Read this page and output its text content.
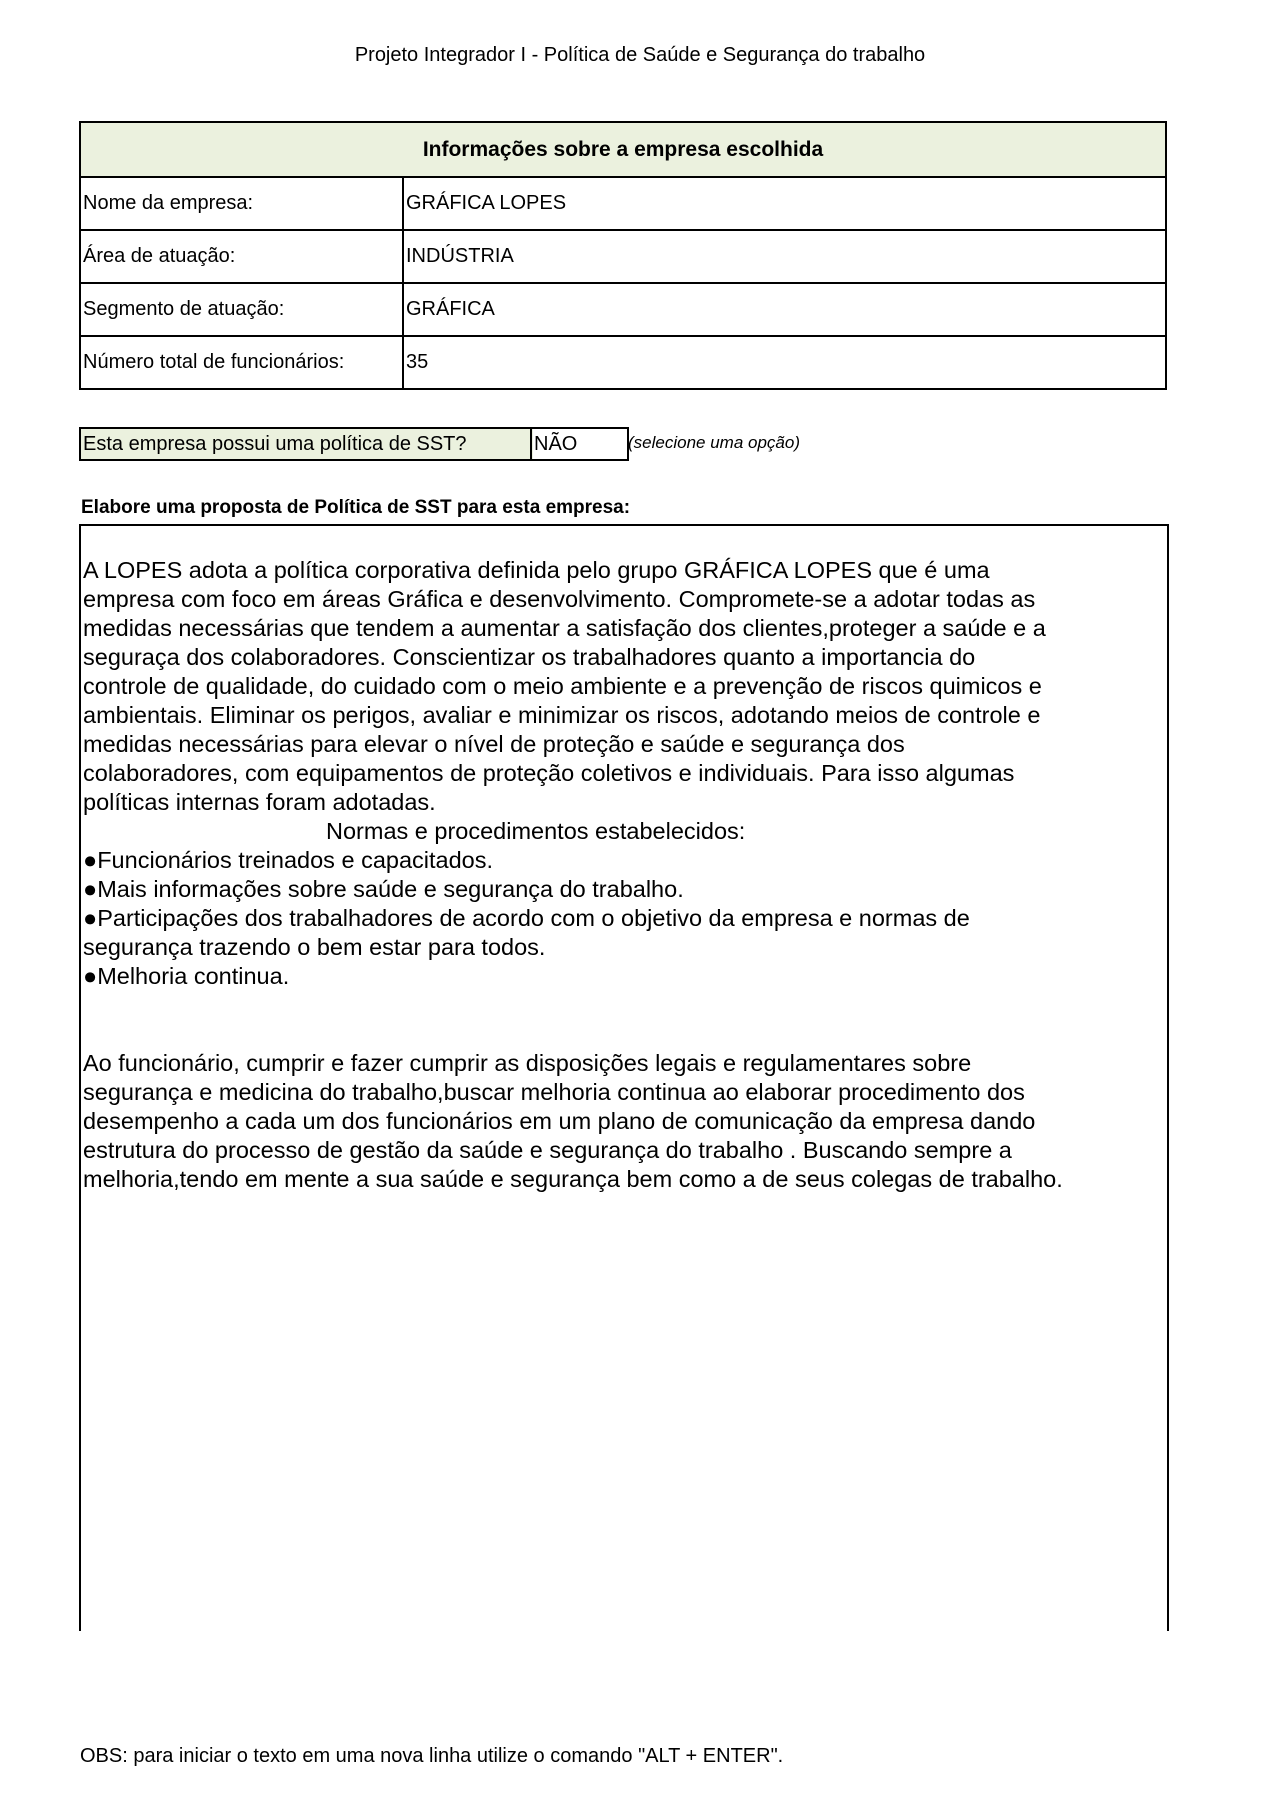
Projeto Integrador I - Política de Saúde e Segurança do trabalho
Informações sobre a empresa escolhida	
Nome da empresa:	GRÁFICA LOPES
Área de atuação:	INDÚSTRIA
Segmento de atuação:	GRÁFICA
Número total de funcionários:	35
Esta empresa possui uma política de SST?	NÃO	(selecione uma opção)
Elabore uma proposta de Política de SST para esta empresa:

A LOPES adota a política corporativa definida pelo grupo GRÁFICA LOPES que é uma

empresa com foco em áreas Gráfica e desenvolvimento. Compromete-se a adotar todas as

medidas necessárias que tendem a aumentar a satisfação dos clientes,proteger a saúde e a

seguraça dos colaboradores. Conscientizar os trabalhadores quanto a importancia do

controle de qualidade, do cuidado com o meio ambiente e a prevenção de riscos quimicos e

ambientais. Eliminar os perigos, avaliar e minimizar os riscos, adotando meios de controle e

medidas necessárias para elevar o nível de proteção e saúde e segurança dos

colaboradores, com equipamentos de proteção coletivos e individuais. Para isso algumas

políticas internas foram adotadas.

Normas e procedimentos estabelecidos:

●Funcionários treinados e capacitados.

●Mais informações sobre saúde e segurança do trabalho.

●Participações dos trabalhadores de acordo com o objetivo da empresa e normas de

segurança trazendo o bem estar para todos.

●Melhoria continua.

Ao funcionário, cumprir e fazer cumprir as disposições legais e regulamentares sobre

segurança e medicina do trabalho,buscar melhoria continua ao elaborar procedimento dos

desempenho a cada um dos funcionários em um plano de comunicação da empresa dando

estrutura do processo de gestão da saúde e segurança do trabalho . Buscando sempre a

melhoria,tendo em mente a sua saúde e segurança bem como a de seus colegas de trabalho.

OBS: para iniciar o texto em uma nova linha utilize o comando "ALT + ENTER".
